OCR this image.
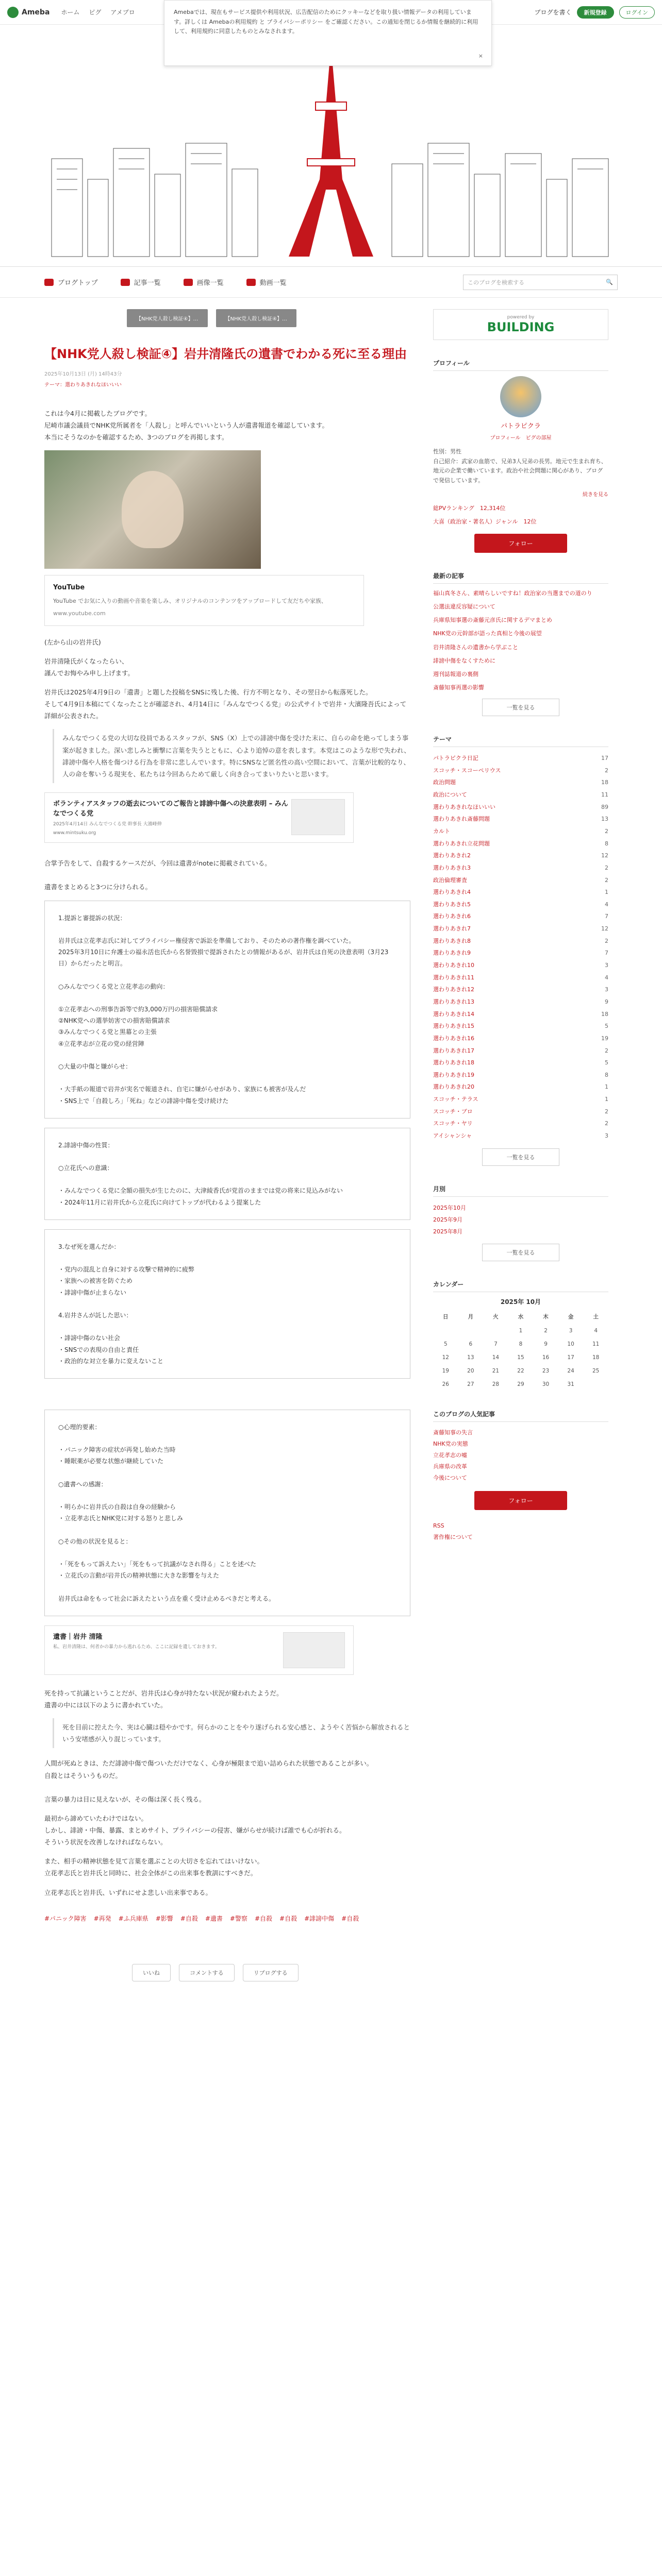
Ameba ホーム ピグ アメブロ	ブログを書く	新規登録	ログイン
Amebaでは、現在もサービス提供や利用状況、広告配信のためにクッキーなどを取り扱い情報データの利用しています。詳しくは Amebaの利用規約 と プライバシーポリシー をご確認ください。この通知を閉じるか情報を継続的に利用して、利用規約に同意したものとみなされます。
×
ブログトップ	記事一覧	画像一覧	動画一覧	このブログを検索する	🔍
【NHK党人殺し検証④】…	【NHK党人殺し検証④】…
【NHK党人殺し検証④】岩井清隆氏の遺書でわかる死に至る理由
2025年10月13日 (月) 14時43分
テーマ：選わりあきれなほいいい

これは今4月に掲載したブログです。
尼崎市議会議員でNHK党所属者を「人殺し」と呼んでいいという人が遺書報道を確認しています。
本当にそうなのかを確認するため、3つのブログを再掲します。

YouTube
YouTube でお気に入りの動画や音楽を楽しみ、オリジナルのコンテンツをアップロードして友だちや家族、
www.youtube.com

(左から山の岩井氏)

岩井清隆氏がくなったらい、
謹んでお悔やみ申し上げます。

岩井氏は2025年4月9日の「遺書」と題した投稿をSNSに残した後、行方不明となり、その翌日から転落死した。
そして4月9日本稿にてくなったことが確認され、4月14日に「みんなでつくる党」の公式サイトで岩井・大濱隆吾氏によって詳細が公表された。

みんなでつくる党の大切な役員であるスタッフが、SNS（X）上での誹謗中傷を受けた末に、自らの命を絶ってしまう事案が起きました。深い悲しみと衝撃に言葉を失うとともに、心より追悼の意を表します。本党はこのような形で失われ、誹謗中傷や人格を傷つける行為を非常に悲しんでいます。特にSNSなど匿名性の高い空間において、言葉が比較的なり、人の命を奪いうる現実を、私たちは今回あらためて厳しく向き合ってまいりたいと思います。
ボランティアスタッフの逝去についてのご報告と誹謗中傷への決意表明 – みんなでつくる党
2025年4月14日 みんなでつくる党 幹事長 大濱峰伸
www.mintsuku.org

合掌予告をして、自殺するケースだが、今回は遺書がnoteに掲載されている。

遺書をまとめると3つに分けられる。

1.提訴と審提訴の状況：

岩井氏は立花孝志氏に対してプライバシー権侵害で訴訟を準備しており、そのための著作権を調べていた。
2025年3月10日に弁護士の福永活也氏から名誉毀損で提訴されたとの情報があるが、岩井氏は自死の決意表明（3月23日）からだったと明言。

○みんなでつくる党と立花孝志の動向：

①立花孝志への刑事告訴等で約3,000万円の損害賠償請求
②NHK党への選挙妨害での損害賠償請求
③みんなでつくる党と黒幕との主張
④立花孝志が立花の党の経営陣

○大量の中傷と嫌がらせ：

・大手紙の報道で岩井が実名で報道され、自宅に嫌がらせがあり、家族にも被害が及んだ
・SNS上で「自殺しろ」「死ね」などの誹謗中傷を受け続けた
2.誹謗中傷の性質：

○立花氏への意識：

・みんなでつくる党に全額の損失が生じたのに、大津綾香氏が党首のままでは党の将来に見込みがない
・2024年11月に岩井氏から立花氏に向けてトップが代わるよう提案した
3.なぜ死を選んだか：

・党内の混乱と自身に対する攻撃で精神的に疲弊
・家族への被害を防ぐため
・誹謗中傷が止まらない

4.岩井さんが託した思い：

・誹謗中傷のない社会
・SNSでの表現の自由と責任
・政治的な対立を暴力に変えないこと
○心理的要素：

・パニック障害の症状が再発し始めた当時
・睡眠薬が必要な状態が継続していた

○遺書への感謝：

・明らかに岩井氏の自殺は自身の経験から
・立花孝志氏とNHK党に対する怒りと悲しみ

○その他の状況を見ると：

・「死をもって訴えたい」「死をもって抗議がなされ得る」ことを述べた
・立花氏の言動が岩井氏の精神状態に大きな影響を与えた

岩井氏は命をもって社会に訴えたという点を重く受け止めるべきだと考える。
遺書｜岩井 清隆
私、岩井清隆は、何者かの暴力から逃れるため、ここに記録を遺しておきます。

死を持って抗議ということだが、岩井氏は心身が持たない状況が窺われたようだ。
遺書の中には以下のように書かれていた。

死を目前に控えた今、実は心臓は穏やかです。何らかのことをやり遂げられる安心感と、ようやく苦悩から解放されるという安堵感が入り混じっています。

人間が死ぬときは、ただ誹謗中傷で傷ついただけでなく、心身が極限まで追い詰められた状態であることが多い。
自殺とはそういうものだ。

言葉の暴力は目に見えないが、その傷は深く長く残る。

最初から諦めていたわけではない。
しかし、誹謗・中傷、暴露、まとめサイト、プライバシーの侵害、嫌がらせが続けば誰でも心が折れる。
そういう状況を改善しなければならない。

また、相手の精神状態を見て言葉を選ぶことの大切さを忘れてはいけない。
立花孝志氏と岩井氏と同時に、社会全体がこの出来事を教訓にすべきだ。

立花孝志氏と岩井氏、いずれにせよ悲しい出来事である。

#パニック障害 #再発 #ふ兵庫県 #影響 #自殺 #遺書 #警察 #自殺 #自殺 #誹謗中傷 #自殺
いいね	コメントする	リブログする
powered by
BUILDING
プロフィール
パトラピクラ
プロフィール　ピグの部屋
性別：男性
自己紹介：武家の血筋で、兄弟3人兄弟の長男。地元で生まれ育ち、地元の企業で働いています。政治や社会問題に関心があり、ブログで発信しています。
続きを見る
総PVランキング　12,314位
大喜（政治家・著名人）ジャンル　12位
フォロー
最新の記事
福山真冬さん、素晴らしいですね！政治家の当選までの道のり
公選法違反容疑について
兵庫県知事選の斎藤元彦氏に関するデマまとめ
NHK党の元幹部が語った真相と今後の展望
岩井清隆さんの遺書から学ぶこと
誹謗中傷をなくすために
週刊誌報道の裏側
斎藤知事再選の影響
一覧を見る
テーマ
パトラピクラ日記	17
スコッチ・スコーペリウス	2
政治問題	18
政治について	11
選わりあきれなほいいい	89
選わりあきれ斎藤問題	13
カルト	2
選わりあきれ立花問題	8
選わりあきれ2	12
選わりあきれ3	2
政治倫理審査	2
選わりあきれ4	1
選わりあきれ5	4
選わりあきれ6	7
選わりあきれ7	12
選わりあきれ8	2
選わりあきれ9	7
選わりあきれ10	3
選わりあきれ11	4
選わりあきれ12	3
選わりあきれ13	9
選わりあきれ14	18
選わりあきれ15	5
選わりあきれ16	19
選わりあきれ17	2
選わりあきれ18	5
選わりあきれ19	8
選わりあきれ20	1
スコッチ・テラス	1
スコッチ・ブロ	2
スコッチ・ヤリ	2
アイシャンシャ	3
一覧を見る
月別
2025年10月
2025年9月
2025年8月
一覧を見る
カレンダー
2025年 10月
日	月	火	水	木	金	土
			1	2	3	4
5	6	7	8	9	10	11
12	13	14	15	16	17	18
19	20	21	22	23	24	25
26	27	28	29	30	31	
このブログの人気記事
斎藤知事の失言
NHK党の実態
立花孝志の嘘
兵庫県の改革
今後について
フォロー
RSS
著作権について
